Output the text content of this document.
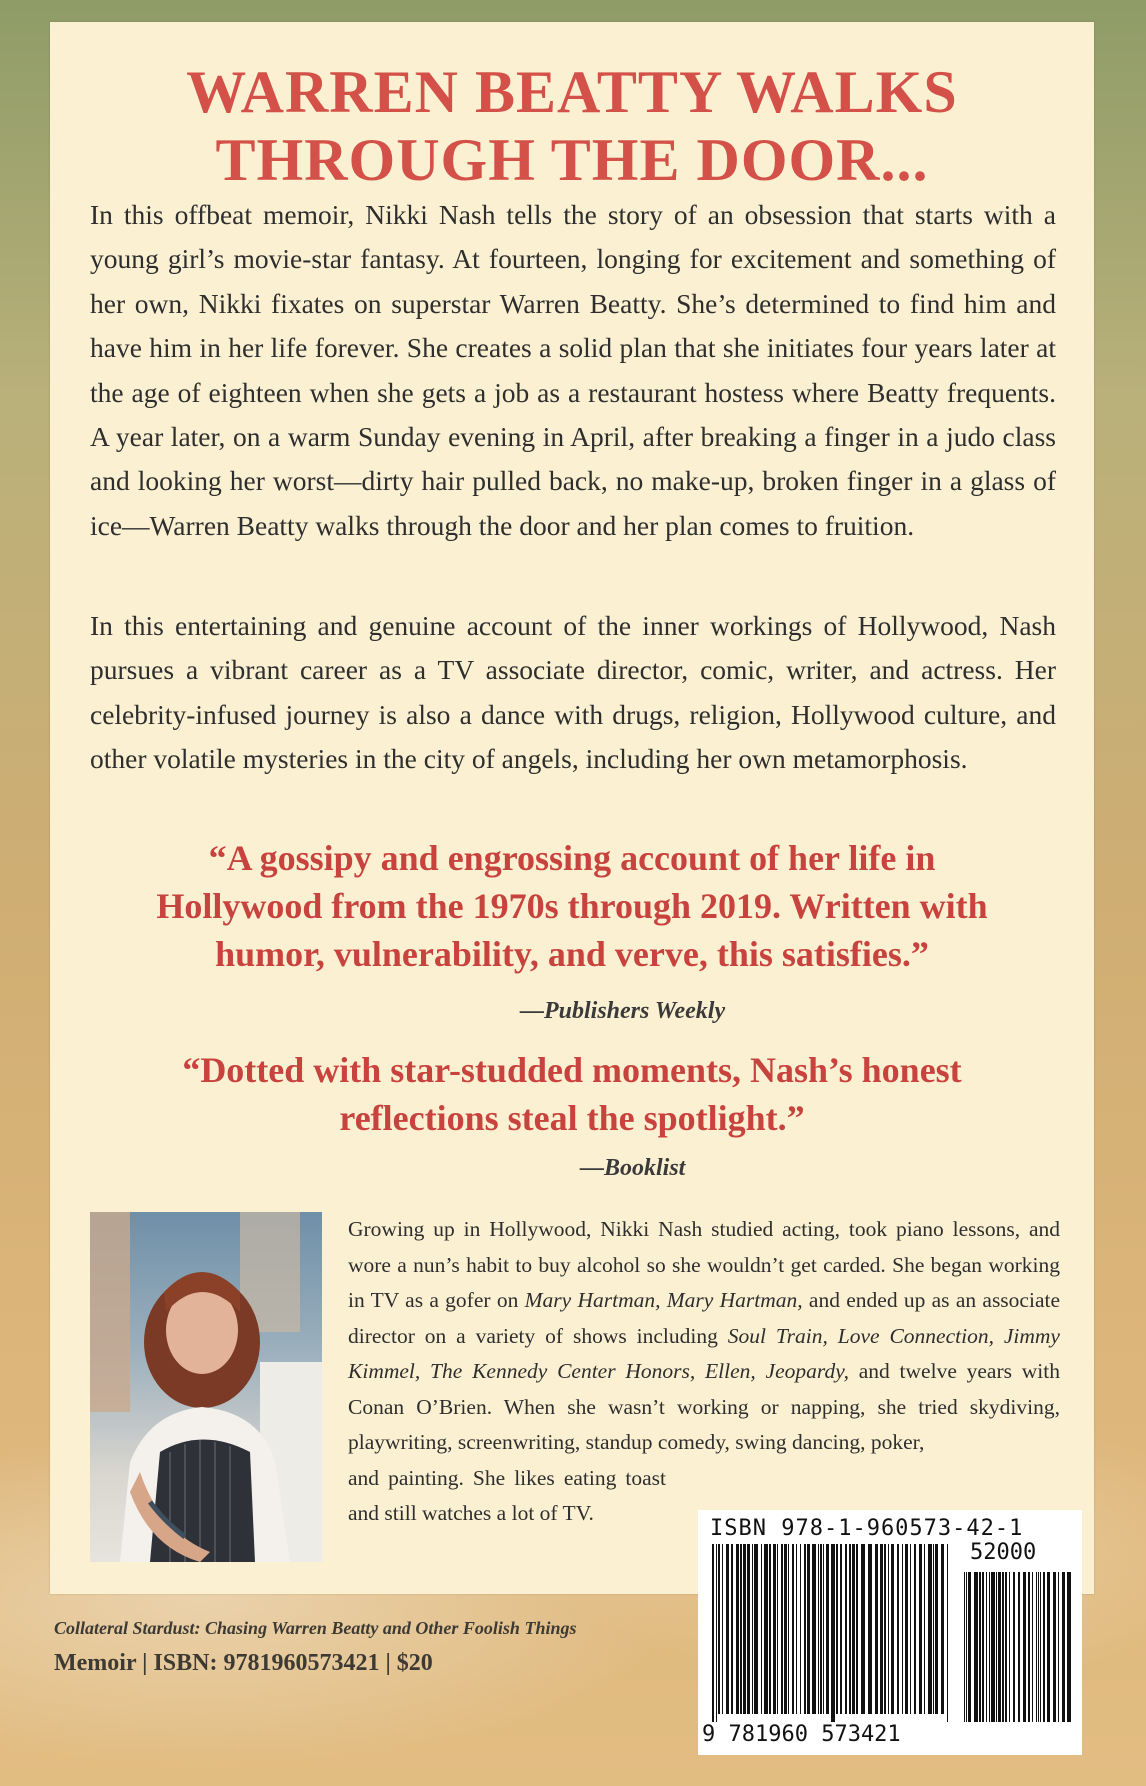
WARREN BEATTY WALKS
THROUGH THE DOOR...

In this offbeat memoir, Nikki Nash tells the story of an obsession that starts with a young girl’s movie-star fantasy. At fourteen, longing for excitement and something of her own, Nikki fixates on superstar Warren Beatty. She’s determined to find him and have him in her life forever. She creates a solid plan that she initiates four years later at the age of eighteen when she gets a job as a restaurant hostess where Beatty frequents. A year later, on a warm Sunday evening in April, after breaking a finger in a judo class and looking her worst—dirty hair pulled back, no make-up, broken finger in a glass of ice—Warren Beatty walks through the door and her plan comes to fruition.

In this entertaining and genuine account of the inner workings of Hollywood, Nash pursues a vibrant career as a TV associate director, comic, writer, and actress. Her celebrity-infused journey is also a dance with drugs, religion, Hollywood culture, and other volatile mysteries in the city of angels, including her own metamorphosis.

“A gossipy and engrossing account of her life in
Hollywood from the 1970s through 2019. Written with
humor, vulnerability, and verve, this satisfies.”

—Publishers Weekly

“Dotted with star-studded moments, Nash’s honest
reflections steal the spotlight.”

—Booklist

Growing up in Hollywood, Nikki Nash studied acting, took piano lessons, and wore a nun’s habit to buy alcohol so she wouldn’t get carded. She began working in TV as a gofer on Mary Hartman, Mary Hartman, and ended up as an associate director on a variety of shows including Soul Train, Love Connection, Jimmy Kimmel, The Kennedy Center Honors, Ellen, Jeopardy, and twelve years with Conan O’Brien. When she wasn’t working or napping, she tried skydiving, playwriting, screenwriting, standup comedy, swing dancing, poker,
and painting. She likes eating toast and still watches a lot of TV.

ISBN 978-1-960573-42-1

52000

9 781960 573421

Collateral Stardust: Chasing Warren Beatty and Other Foolish Things

Memoir | ISBN: 9781960573421 | $20
